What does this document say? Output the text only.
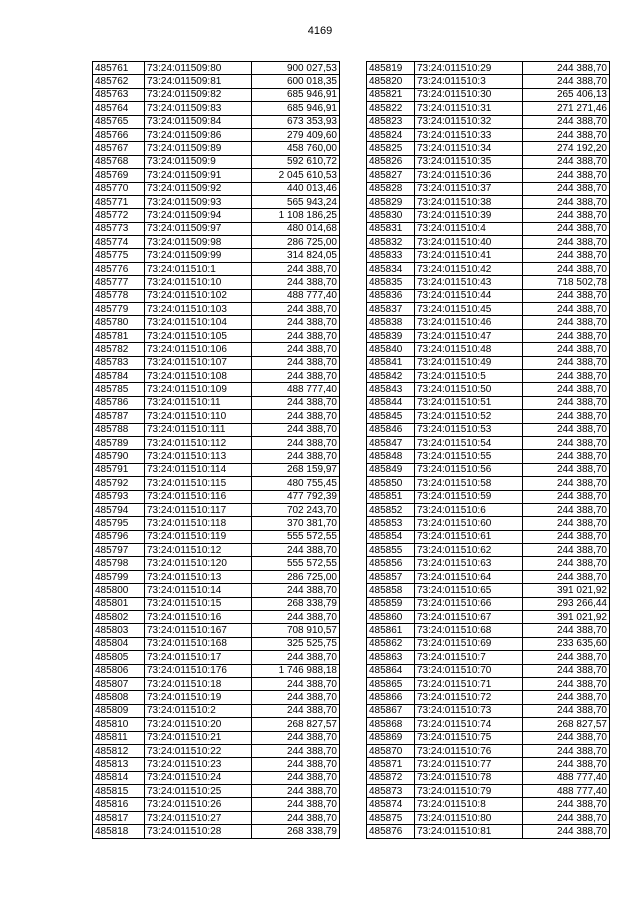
4169
485761	73:24:011509:80	900 027,53
485762	73:24:011509:81	600 018,35
485763	73:24:011509:82	685 946,91
485764	73:24:011509:83	685 946,91
485765	73:24:011509:84	673 353,93
485766	73:24:011509:86	279 409,60
485767	73:24:011509:89	458 760,00
485768	73:24:011509:9	592 610,72
485769	73:24:011509:91	2 045 610,53
485770	73:24:011509:92	440 013,46
485771	73:24:011509:93	565 943,24
485772	73:24:011509:94	1 108 186,25
485773	73:24:011509:97	480 014,68
485774	73:24:011509:98	286 725,00
485775	73:24:011509:99	314 824,05
485776	73:24:011510:1	244 388,70
485777	73:24:011510:10	244 388,70
485778	73:24:011510:102	488 777,40
485779	73:24:011510:103	244 388,70
485780	73:24:011510:104	244 388,70
485781	73:24:011510:105	244 388,70
485782	73:24:011510:106	244 388,70
485783	73:24:011510:107	244 388,70
485784	73:24:011510:108	244 388,70
485785	73:24:011510:109	488 777,40
485786	73:24:011510:11	244 388,70
485787	73:24:011510:110	244 388,70
485788	73:24:011510:111	244 388,70
485789	73:24:011510:112	244 388,70
485790	73:24:011510:113	244 388,70
485791	73:24:011510:114	268 159,97
485792	73:24:011510:115	480 755,45
485793	73:24:011510:116	477 792,39
485794	73:24:011510:117	702 243,70
485795	73:24:011510:118	370 381,70
485796	73:24:011510:119	555 572,55
485797	73:24:011510:12	244 388,70
485798	73:24:011510:120	555 572,55
485799	73:24:011510:13	286 725,00
485800	73:24:011510:14	244 388,70
485801	73:24:011510:15	268 338,79
485802	73:24:011510:16	244 388,70
485803	73:24:011510:167	708 910,57
485804	73:24:011510:168	325 525,75
485805	73:24:011510:17	244 388,70
485806	73:24:011510:176	1 746 988,18
485807	73:24:011510:18	244 388,70
485808	73:24:011510:19	244 388,70
485809	73:24:011510:2	244 388,70
485810	73:24:011510:20	268 827,57
485811	73:24:011510:21	244 388,70
485812	73:24:011510:22	244 388,70
485813	73:24:011510:23	244 388,70
485814	73:24:011510:24	244 388,70
485815	73:24:011510:25	244 388,70
485816	73:24:011510:26	244 388,70
485817	73:24:011510:27	244 388,70
485818	73:24:011510:28	268 338,79
485819	73:24:011510:29	244 388,70
485820	73:24:011510:3	244 388,70
485821	73:24:011510:30	265 406,13
485822	73:24:011510:31	271 271,46
485823	73:24:011510:32	244 388,70
485824	73:24:011510:33	244 388,70
485825	73:24:011510:34	274 192,20
485826	73:24:011510:35	244 388,70
485827	73:24:011510:36	244 388,70
485828	73:24:011510:37	244 388,70
485829	73:24:011510:38	244 388,70
485830	73:24:011510:39	244 388,70
485831	73:24:011510:4	244 388,70
485832	73:24:011510:40	244 388,70
485833	73:24:011510:41	244 388,70
485834	73:24:011510:42	244 388,70
485835	73:24:011510:43	718 502,78
485836	73:24:011510:44	244 388,70
485837	73:24:011510:45	244 388,70
485838	73:24:011510:46	244 388,70
485839	73:24:011510:47	244 388,70
485840	73:24:011510:48	244 388,70
485841	73:24:011510:49	244 388,70
485842	73:24:011510:5	244 388,70
485843	73:24:011510:50	244 388,70
485844	73:24:011510:51	244 388,70
485845	73:24:011510:52	244 388,70
485846	73:24:011510:53	244 388,70
485847	73:24:011510:54	244 388,70
485848	73:24:011510:55	244 388,70
485849	73:24:011510:56	244 388,70
485850	73:24:011510:58	244 388,70
485851	73:24:011510:59	244 388,70
485852	73:24:011510:6	244 388,70
485853	73:24:011510:60	244 388,70
485854	73:24:011510:61	244 388,70
485855	73:24:011510:62	244 388,70
485856	73:24:011510:63	244 388,70
485857	73:24:011510:64	244 388,70
485858	73:24:011510:65	391 021,92
485859	73:24:011510:66	293 266,44
485860	73:24:011510:67	391 021,92
485861	73:24:011510:68	244 388,70
485862	73:24:011510:69	233 635,60
485863	73:24:011510:7	244 388,70
485864	73:24:011510:70	244 388,70
485865	73:24:011510:71	244 388,70
485866	73:24:011510:72	244 388,70
485867	73:24:011510:73	244 388,70
485868	73:24:011510:74	268 827,57
485869	73:24:011510:75	244 388,70
485870	73:24:011510:76	244 388,70
485871	73:24:011510:77	244 388,70
485872	73:24:011510:78	488 777,40
485873	73:24:011510:79	488 777,40
485874	73:24:011510:8	244 388,70
485875	73:24:011510:80	244 388,70
485876	73:24:011510:81	244 388,70
